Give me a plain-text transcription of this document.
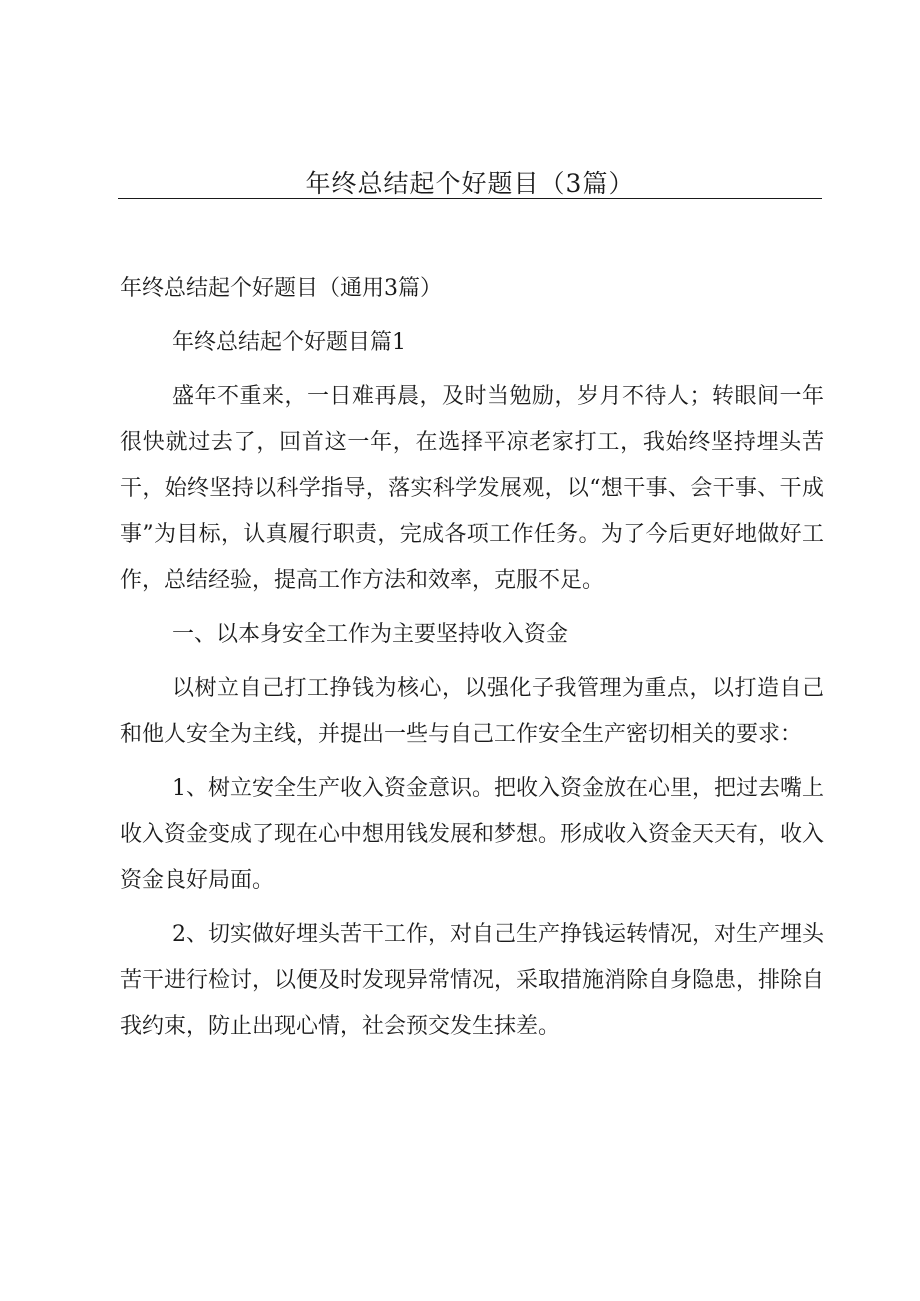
年终总结起个好题目（3篇）

年终总结起个好题目（通用3篇）

年终总结起个好题目篇1

盛年不重来，一日难再晨，及时当勉励，岁月不待人；转眼间一年很快就过去了，回首这一年，在选择平凉老家打工，我始终坚持埋头苦干，始终坚持以科学指导，落实科学发展观，以“想干事、会干事、干成事”为目标，认真履行职责，完成各项工作任务。为了今后更好地做好工作，总结经验，提高工作方法和效率，克服不足。

一、以本身安全工作为主要坚持收入资金

以树立自己打工挣钱为核心，以强化子我管理为重点，以打造自己和他人安全为主线，并提出一些与自己工作安全生产密切相关的要求：

1、树立安全生产收入资金意识。把收入资金放在心里，把过去嘴上收入资金变成了现在心中想用钱发展和梦想。形成收入资金天天有，收入资金良好局面。

2、切实做好埋头苦干工作，对自己生产挣钱运转情况，对生产埋头苦干进行检讨，以便及时发现异常情况，采取措施消除自身隐患，排除自我约束，防止出现心情，社会预交发生抹差。
